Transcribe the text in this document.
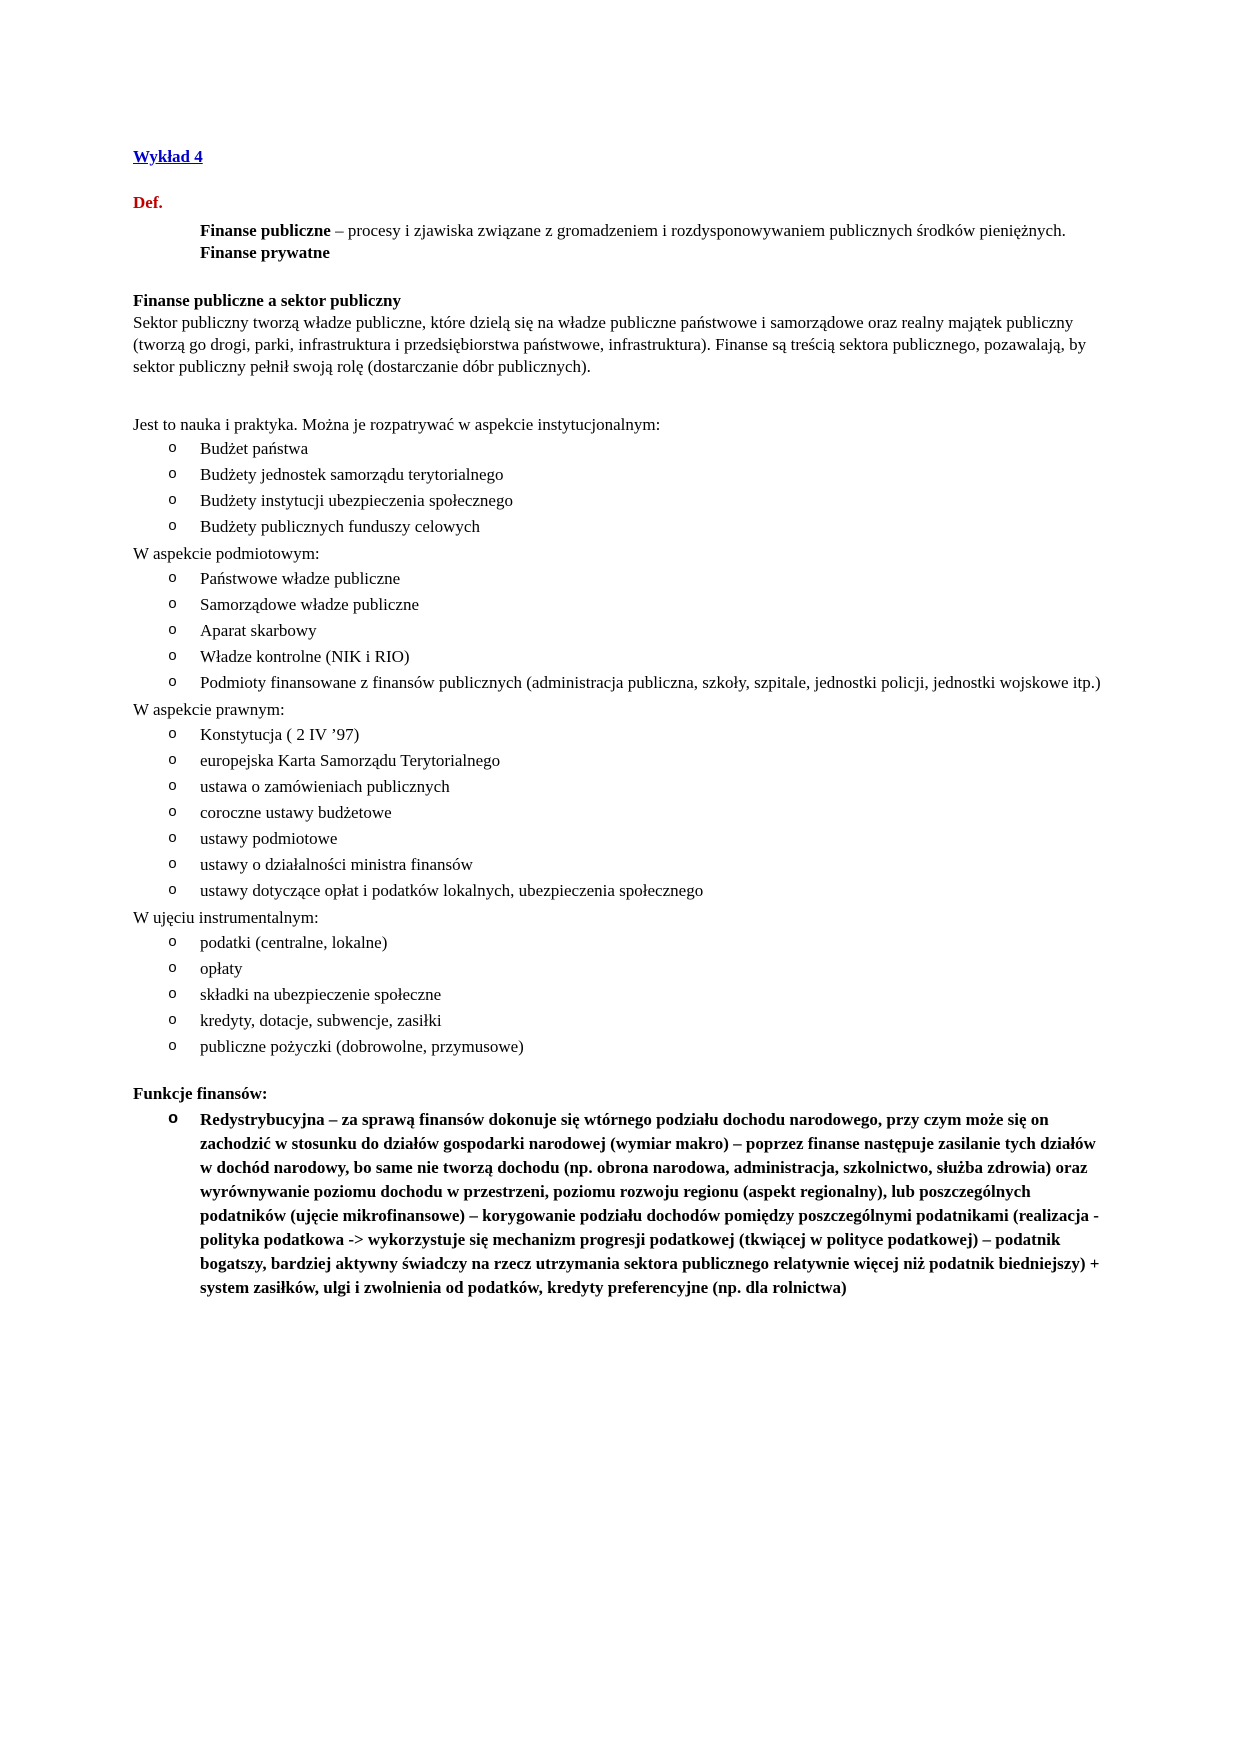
Wykład 4
Def.

Finanse publiczne – procesy i zjawiska związane z gromadzeniem i rozdysponowywaniem publicznych środków pieniężnych.

Finanse prywatne
Finanse publiczne a sektor publiczny

Sektor publiczny tworzą władze publiczne, które dzielą się na władze publiczne państwowe i samorządowe oraz realny majątek publiczny (tworzą go drogi, parki, infrastruktura i przedsiębiorstwa państwowe, infrastruktura). Finanse są treścią sektora publicznego, pozawalają, by sektor publiczny pełnił swoją rolę (dostarczanie dóbr publicznych).

Jest to nauka i praktyka. Można je rozpatrywać w aspekcie instytucjonalnym:

o	Budżet państwa
o	Budżety jednostek samorządu terytorialnego
o	Budżety instytucji ubezpieczenia społecznego
o	Budżety publicznych funduszy celowych
W aspekcie podmiotowym:
o	Państwowe władze publiczne
o	Samorządowe władze publiczne
o	Aparat skarbowy
o	Władze kontrolne (NIK i RIO)
o	Podmioty finansowane z finansów publicznych (administracja publiczna, szkoły, szpitale, jednostki policji, jednostki wojskowe itp.)
W aspekcie prawnym:
o	Konstytucja ( 2 IV ’97)
o	europejska Karta Samorządu Terytorialnego
o	ustawa o zamówieniach publicznych
o	coroczne ustawy budżetowe
o	ustawy podmiotowe
o	ustawy o działalności ministra finansów
o	ustawy dotyczące opłat i podatków lokalnych, ubezpieczenia społecznego
W ujęciu instrumentalnym:
o	podatki (centralne, lokalne)
o	opłaty
o	składki na ubezpieczenie społeczne
o	kredyty, dotacje, subwencje, zasiłki
o	publiczne pożyczki (dobrowolne, przymusowe)
Funkcje finansów:
o	Redystrybucyjna – za sprawą finansów dokonuje się wtórnego podziału dochodu narodowego, przy czym może się on zachodzić w stosunku do działów gospodarki narodowej (wymiar makro) – poprzez finanse następuje zasilanie tych działów w dochód narodowy, bo same nie tworzą dochodu (np. obrona narodowa, administracja, szkolnictwo, służba zdrowia) oraz wyrównywanie poziomu dochodu w przestrzeni, poziomu rozwoju regionu (aspekt regionalny), lub poszczególnych podatników (ujęcie mikrofinansowe) – korygowanie podziału dochodów pomiędzy poszczególnymi podatnikami (realizacja - polityka podatkowa -> wykorzystuje się mechanizm progresji podatkowej (tkwiącej w polityce podatkowej) – podatnik bogatszy, bardziej aktywny świadczy na rzecz utrzymania sektora publicznego relatywnie więcej niż podatnik biedniejszy) + system zasiłków, ulgi i zwolnienia od podatków, kredyty preferencyjne (np. dla rolnictwa)
